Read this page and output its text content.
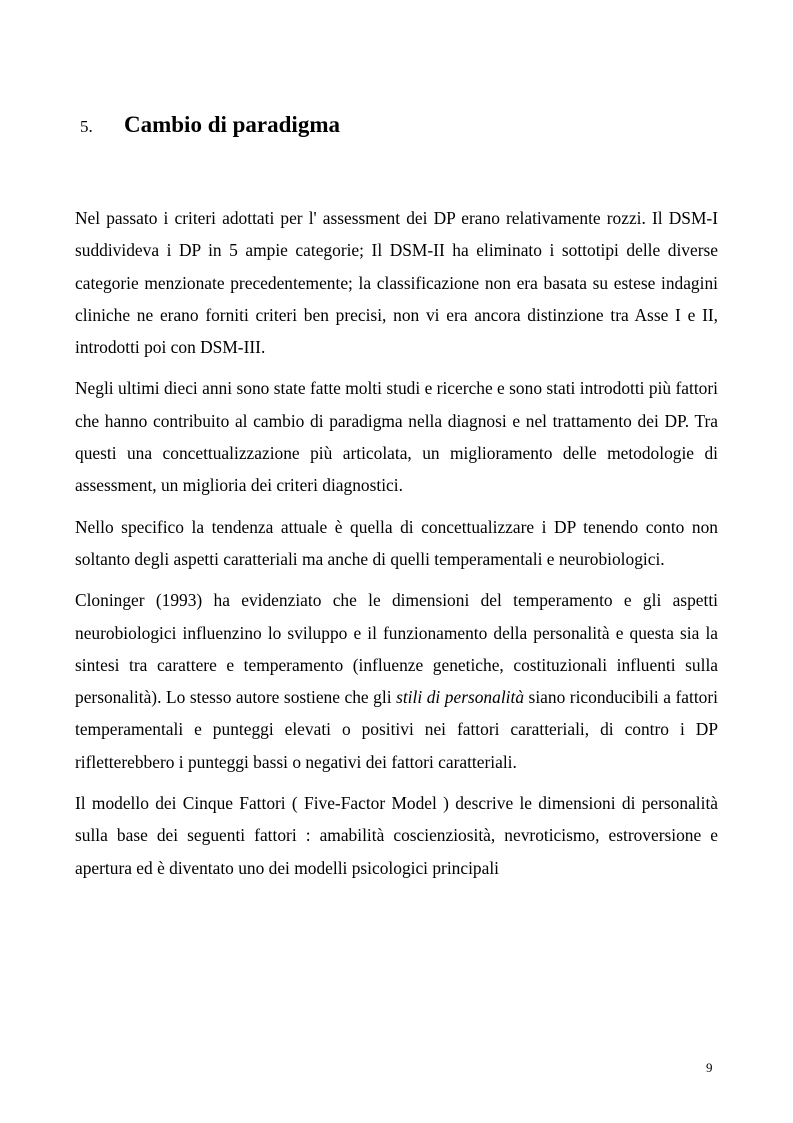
5. Cambio di paradigma

Nel passato i criteri adottati per l' assessment dei DP erano relativamente rozzi. Il DSM-I suddivideva i DP in 5 ampie categorie; Il DSM-II ha eliminato i sottotipi delle diverse categorie menzionate precedentemente; la classificazione non era basata su estese indagini cliniche ne erano forniti criteri ben precisi, non vi era ancora distinzione tra Asse I e II, introdotti poi con DSM-III.

Negli ultimi dieci anni sono state fatte molti studi e ricerche e sono stati introdotti più fattori che hanno contribuito al cambio di paradigma nella diagnosi e nel trattamento dei DP. Tra questi una concettualizzazione più articolata, un miglioramento delle metodologie di assessment, un miglioria dei criteri diagnostici.

Nello specifico la tendenza attuale è quella di concettualizzare i DP tenendo conto non soltanto degli aspetti caratteriali ma anche di quelli temperamentali e neurobiologici.

Cloninger (1993) ha evidenziato che le dimensioni del temperamento e gli aspetti neurobiologici influenzino lo sviluppo e il funzionamento della personalità e questa sia la sintesi tra carattere e temperamento (influenze genetiche, costituzionali influenti sulla personalità). Lo stesso autore sostiene che gli stili di personalità siano riconducibili a fattori temperamentali e punteggi elevati o positivi nei fattori caratteriali, di contro i DP rifletterebbero i punteggi bassi o negativi dei fattori caratteriali.

Il modello dei Cinque Fattori ( Five-Factor Model ) descrive le dimensioni di personalità sulla base dei seguenti fattori : amabilità coscienziosità, nevroticismo, estroversione e apertura ed è diventato uno dei modelli psicologici principali

9
